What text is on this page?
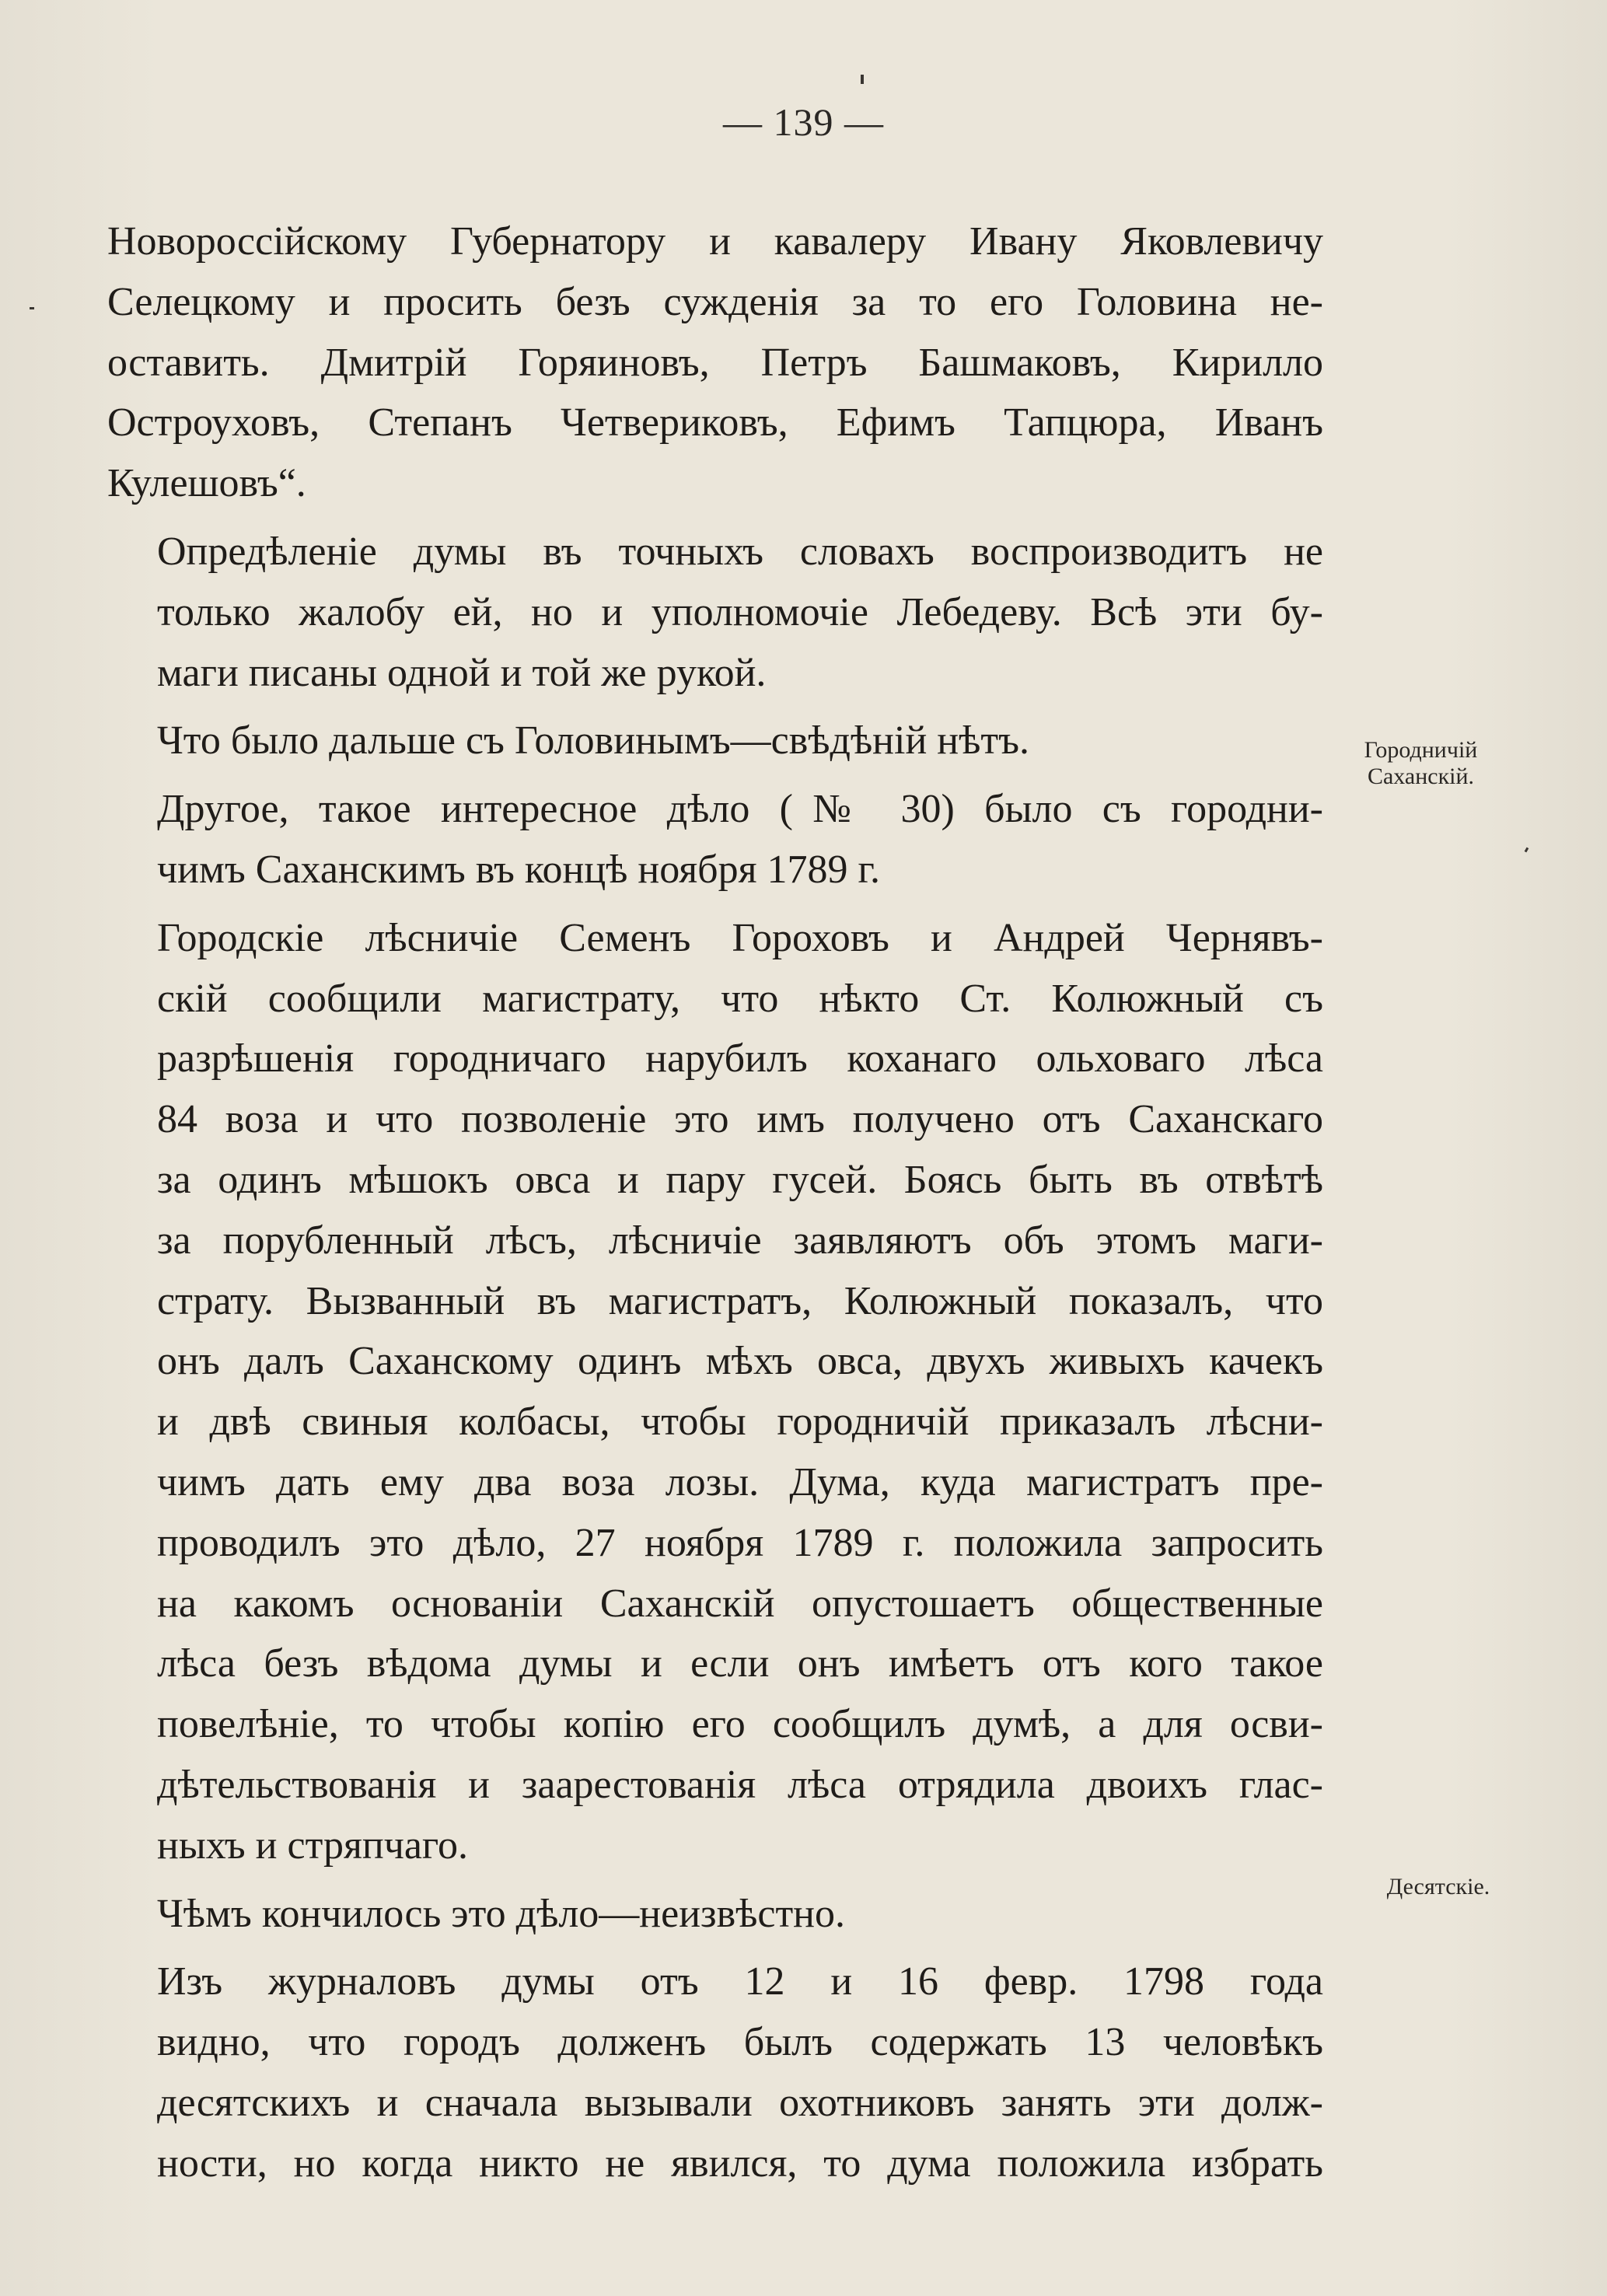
— 139 —

Новороссійскому Губернатору и кавалеру Ивану Яковлевичу
Селецкому и просить безъ сужденія за то его Головина не-
оставить. Дмитрій Горяиновъ, Петръ Башмаковъ, Кирилло
Остроуховъ, Степанъ Четвериковъ, Ефимъ Тапцюра, Иванъ
Кулешовъ“.

Опредѣленіе думы въ точныхъ словахъ воспроизводитъ не
только жалобу ей, но и уполномочіе Лебедеву. Всѣ эти бу-
маги писаны одной и той же рукой.

Что было дальше съ Головинымъ—свѣдѣній нѣтъ.

Другое, такое интересное дѣло (№ 30) было съ городни-
чимъ Саханскимъ въ концѣ ноября 1789 г.

Городскіе лѣсничіе Семенъ Гороховъ и Андрей Чернявъ-
скій сообщили магистрату, что нѣкто Ст. Колюжный съ
разрѣшенія городничаго нарубилъ коханаго ольховаго лѣса
84 воза и что позволеніе это имъ получено отъ Саханскаго
за одинъ мѣшокъ овса и пару гусей. Боясь быть въ отвѣтѣ
за порубленный лѣсъ, лѣсничіе заявляютъ объ этомъ маги-
страту. Вызванный въ магистратъ, Колюжный показалъ, что
онъ далъ Саханскому одинъ мѣхъ овса, двухъ живыхъ качекъ
и двѣ свиныя колбасы, чтобы городничій приказалъ лѣсни-
чимъ дать ему два воза лозы. Дума, куда магистратъ пре-
проводилъ это дѣло, 27 ноября 1789 г. положила запросить
на какомъ основаніи Саханскій опустошаетъ общественные
лѣса безъ вѣдома думы и если онъ имѣетъ отъ кого такое
повелѣніе, то чтобы копію его сообщилъ думѣ, а для осви-
дѣтельствованія и заарестованія лѣса отрядила двоихъ глас-
ныхъ и стряпчаго.

Чѣмъ кончилось это дѣло—неизвѣстно.

Изъ журналовъ думы отъ 12 и 16 февр. 1798 года
видно, что городъ долженъ былъ содержать 13 человѣкъ
десятскихъ и сначала вызывали охотниковъ занять эти долж-
ности, но когда никто не явился, то дума положила избрать

Городничій
Саханскій.
Десятскіе.
